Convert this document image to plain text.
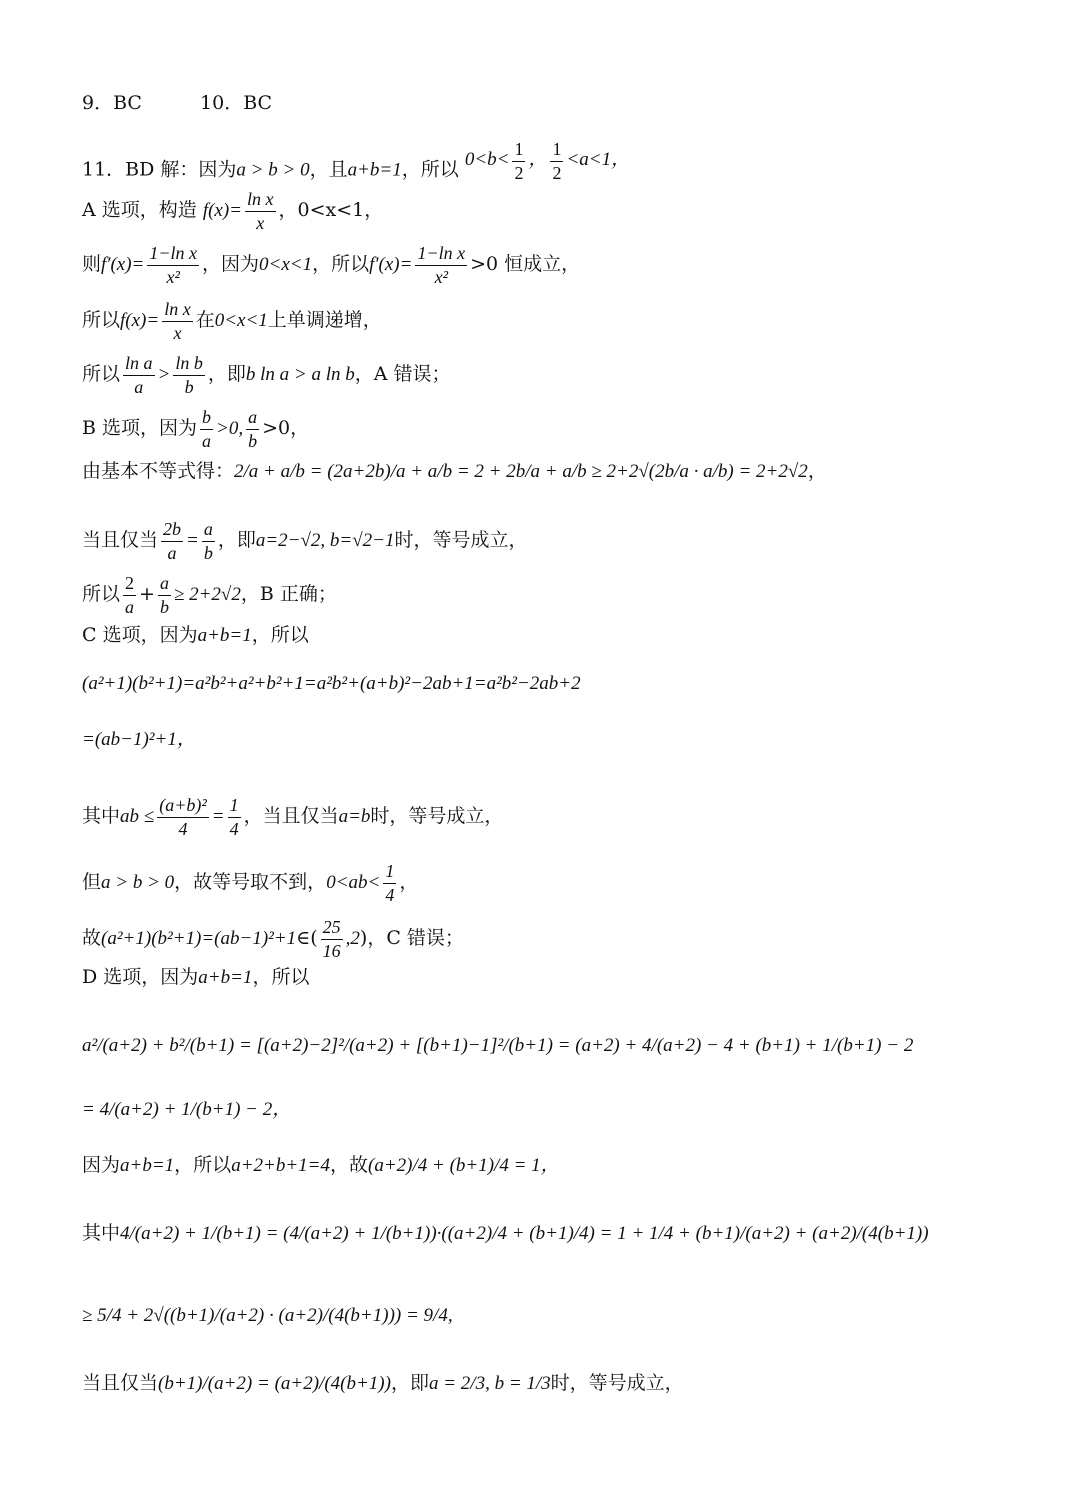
9．BC	10．BC
11．BD 解：因为a > b > 0，且a+b=1，所以 $0<b< \frac{1}{2}$ ， $\frac{1}{2} <a<1$，
A 选项，构造 $f(x)= \frac{\text{ln x}}{x}$ ，0<x<1，
则$f'(x)= \frac{\text{1−ln x}}{\text{x²}}$ ，因为0<x<1，所以$f'(x)= \frac{\text{1−ln x}}{\text{x²}} >0$ 恒成立，
所以$f(x)= \frac{\text{ln x}}{x}$ 在0<x<1上单调递增，
所以 $\frac{\text{ln a}}{a} > \frac{\text{ln b}}{b}$ ，即b ln a > a ln b，A 错误；
B 选项，因为 $\frac{b}{a} >0$, $\frac{a}{b} >0$，
由基本不等式得：2/a + a/b = (2a+2b)/a + a/b = 2 + 2b/a + a/b ≥ 2+2√(2b/a · a/b) = 2+2√2，
当且仅当 $\frac{2b}{a} = \frac{a}{b}$ ，即a=2−√2, b=√2−1时，等号成立，
所以 $\frac{2}{a} + \frac{a}{b} \ge 2+2√2$，B 正确；
C 选项，因为a+b=1，所以
(a²+1)(b²+1)=a²b²+a²+b²+1=a²b²+(a+b)²−2ab+1=a²b²−2ab+2
=(ab−1)²+1，
其中ab ≤ $\frac{\text{(a+b)²}}{4} = \frac{1}{4}$ ，当且仅当a=b时，等号成立，
但a > b > 0，故等号取不到，$0<ab< \frac{1}{4}$ ，
故(a²+1)(b²+1)=(ab−1)²+1∈( $\frac{25}{16} ,2$)，C 错误；
D 选项，因为a+b=1，所以
a²/(a+2) + b²/(b+1) = [(a+2)−2]²/(a+2) + [(b+1)−1]²/(b+1) = (a+2) + 4/(a+2) − 4 + (b+1) + 1/(b+1) − 2
= 4/(a+2) + 1/(b+1) − 2，
因为a+b=1，所以a+2+b+1=4，故(a+2)/4 + (b+1)/4 = 1，
其中4/(a+2) + 1/(b+1) = (4/(a+2) + 1/(b+1))·((a+2)/4 + (b+1)/4) = 1 + 1/4 + (b+1)/(a+2) + (a+2)/(4(b+1))
≥ 5/4 + 2√((b+1)/(a+2) · (a+2)/(4(b+1))) = 9/4,
当且仅当(b+1)/(a+2) = (a+2)/(4(b+1))，即a = 2/3, b = 1/3时，等号成立，
